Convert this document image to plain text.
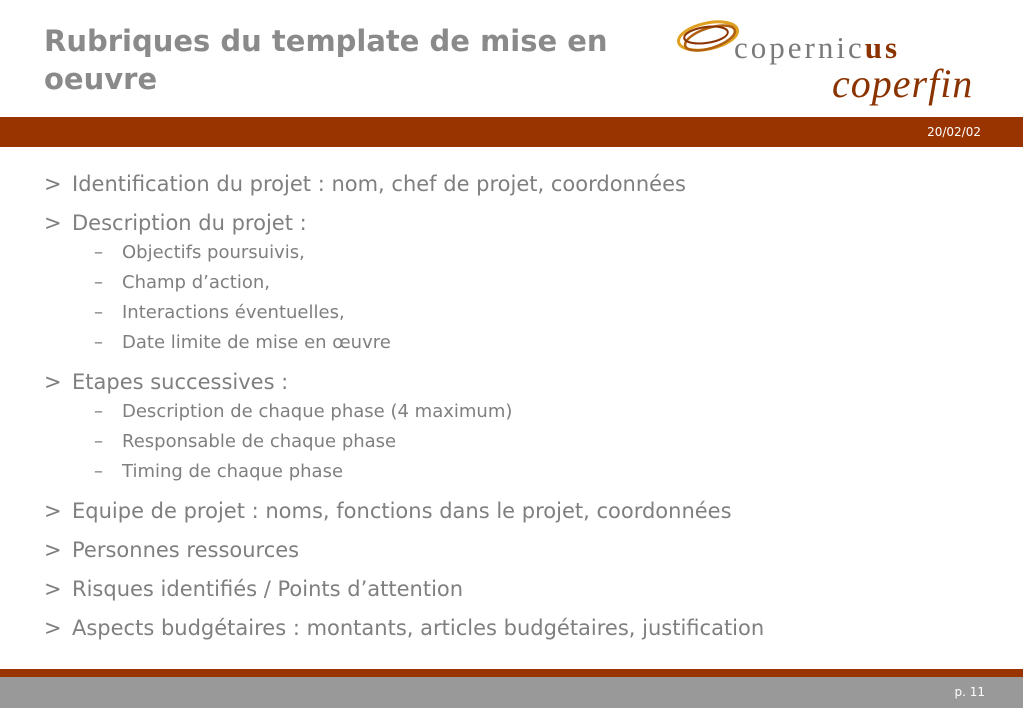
Rubriques du template de mise en oeuvre
copernicus
coperfin
20/02/02
> Identification du projet : nom, chef de projet, coordonnées
> Description du projet :
–	Objectifs poursuivis,
–	Champ d’action,
–	Interactions éventuelles,
–	Date limite de mise en œuvre
> Etapes successives :
–	Description de chaque phase (4 maximum)
–	Responsable de chaque phase
–	Timing de chaque phase
> Equipe de projet : noms, fonctions dans le projet, coordonnées
> Personnes ressources
> Risques identifiés / Points d’attention
> Aspects budgétaires : montants, articles budgétaires, justification
p. 11
